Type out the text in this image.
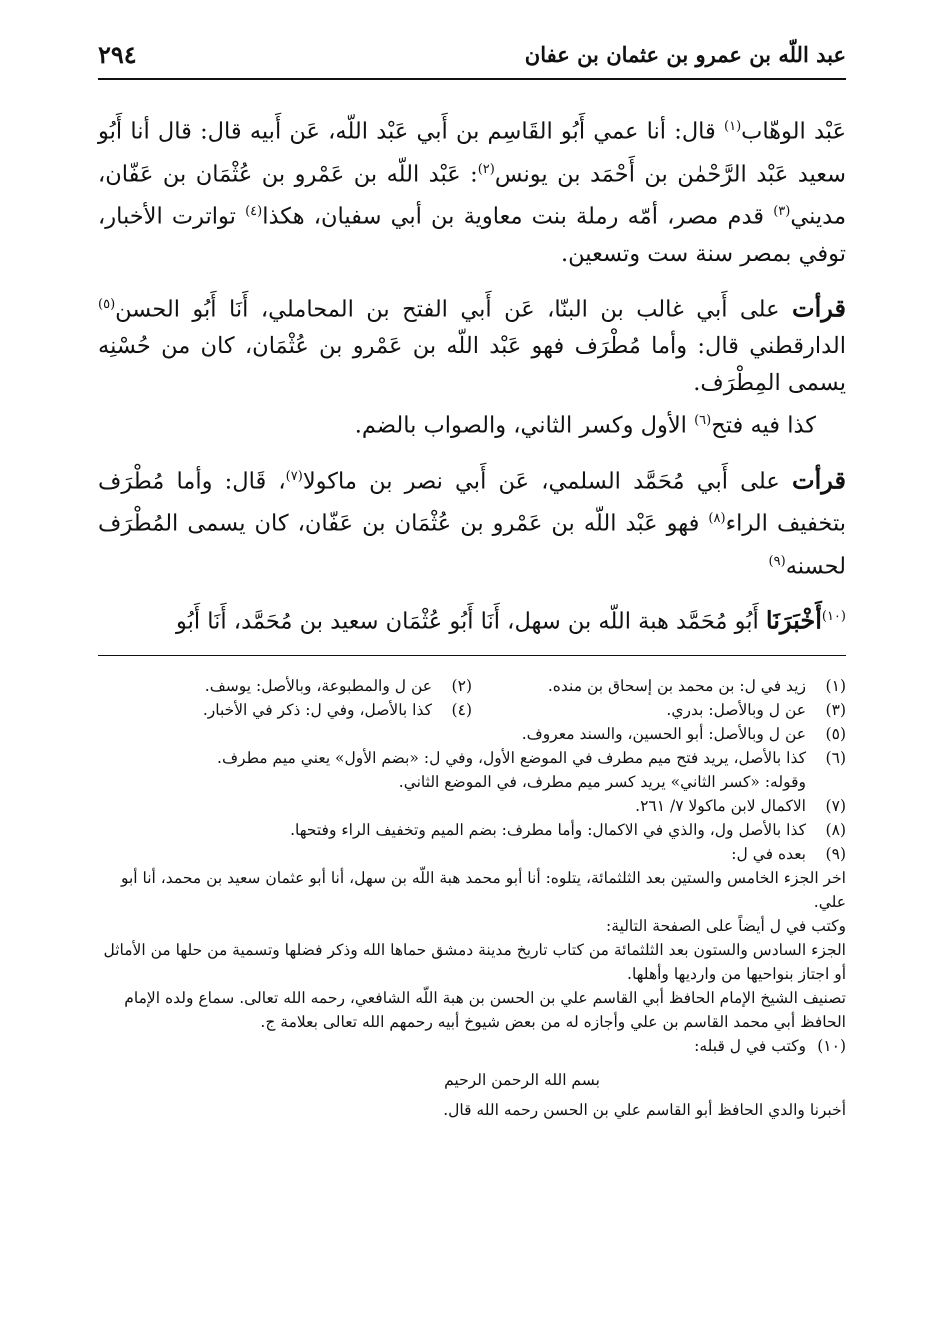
عبد اللّه بن عمرو بن عثمان بن عفان
٢٩٤

عَبْد الوهّاب$^{(١)}$ قال: أنا عمي أَبُو القَاسِم بن أَبي عَبْد اللّه، عَن أَبيه قال: قال أنا أَبُو سعيد عَبْد الرَّحْمٰن بن أَحْمَد بن يونس$^{(٢)}$: عَبْد اللّه بن عَمْرو بن عُثْمَان بن عَفّان، مديني$^{(٣)}$ قدم مصر، أمّه رملة بنت معاوية بن أبي سفيان، هكذا$^{(٤)}$ تواترت الأخبار، توفي بمصر سنة ست وتسعين.

قرأت على أَبي غالب بن البنّا، عَن أَبي الفتح بن المحاملي، أَنَا أَبُو الحسن$^{(٥)}$ الدارقطني قال: وأما مُطْرَف فهو عَبْد اللّه بن عَمْرو بن عُثْمَان، كان من حُسْنِه يسمى المِطْرَف.

كذا فيه فتح$^{(٦)}$ الأول وكسر الثاني، والصواب بالضم.

قرأت على أَبي مُحَمَّد السلمي، عَن أَبي نصر بن ماكولا$^{(٧)}$، قَال: وأما مُطْرَف بتخفيف الراء$^{(٨)}$ فهو عَبْد اللّه بن عَمْرو بن عُثْمَان بن عَفّان، كان يسمى المُطْرَف لحسنه$^{(٩)}$

$^{(١٠)}$أَخْبَرَنَا أَبُو مُحَمَّد هبة اللّه بن سهل، أَنَا أَبُو عُثْمَان سعيد بن مُحَمَّد، أَنَا أَبُو

(١)
زيد في ل: بن محمد بن إسحاق بن منده.
(٢)
عن ل والمطبوعة، وبالأصل: يوسف.
(٣)
عن ل وبالأصل: بدري.
(٤)
كذا بالأصل، وفي ل: ذكر في الأخبار.
(٥)
عن ل وبالأصل: أبو الحسين، والسند معروف.
(٦)
كذا بالأصل، يريد فتح ميم مطرف في الموضع الأول، وفي ل: «بضم الأول» يعني ميم مطرف.

وقوله: «كسر الثاني» يريد كسر ميم مطرف، في الموضع الثاني.

(٧)
الاكمال لابن ماكولا ٧/ ٢٦١.
(٨)
كذا بالأصل ول، والذي في الاكمال: وأما مطرف: بضم الميم وتخفيف الراء وفتحها.
(٩)
بعده في ل:

اخر الجزء الخامس والستين بعد الثلثمائة، يتلوه: أنا أبو محمد هبة اللّه بن سهل، أنا أبو عثمان سعيد بن محمد، أنا أبو علي.

وكتب في ل أيضاً على الصفحة التالية:

الجزء السادس والستون بعد الثلثمائة من كتاب تاريخ مدينة دمشق حماها الله وذكر فضلها وتسمية من حلها من الأماثل أو اجتاز بنواحيها من وارديها وأهلها.

تصنيف الشيخ الإمام الحافظ أبي القاسم علي بن الحسن بن هبة اللّه الشافعي، رحمه الله تعالى. سماع ولده الإمام الحافظ أبي محمد القاسم بن علي وأجازه له من بعض شيوخ أبيه رحمهم الله تعالى بعلامة ج.

(١٠)
وكتب في ل قبله:

بسم الله الرحمن الرحيم

أخبرنا والدي الحافظ أبو القاسم علي بن الحسن رحمه الله قال.
